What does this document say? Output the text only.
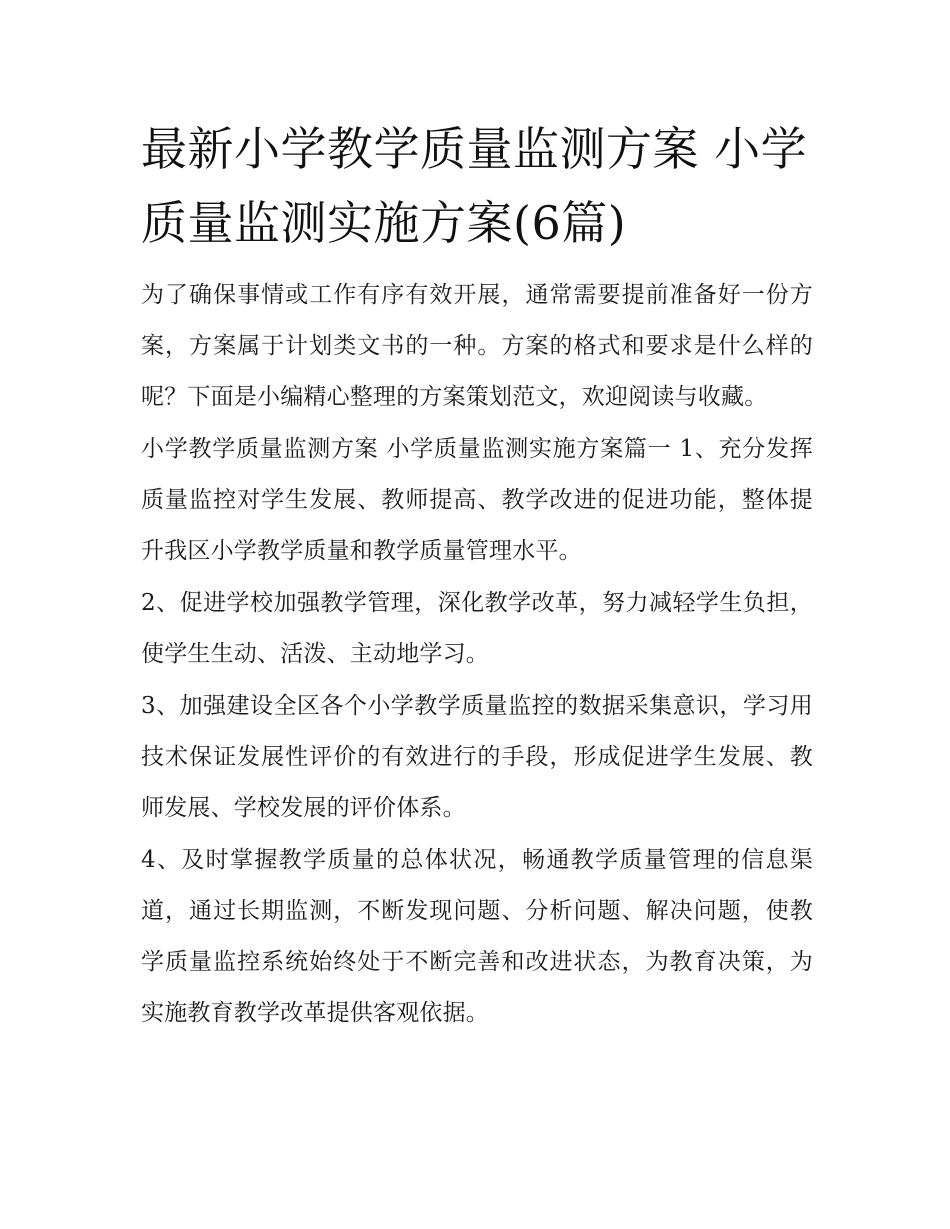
最新小学教学质量监测方案 小学质量监测实施方案(6篇)

为了确保事情或工作有序有效开展，通常需要提前准备好一份方案，方案属于计划类文书的一种。方案的格式和要求是什么样的呢？下面是小编精心整理的方案策划范文，欢迎阅读与收藏。

小学教学质量监测方案 小学质量监测实施方案篇一 1、充分发挥质量监控对学生发展、教师提高、教学改进的促进功能，整体提升我区小学教学质量和教学质量管理水平。

2、促进学校加强教学管理，深化教学改革，努力减轻学生负担，使学生生动、活泼、主动地学习。

3、加强建设全区各个小学教学质量监控的数据采集意识，学习用技术保证发展性评价的有效进行的手段，形成促进学生发展、教师发展、学校发展的评价体系。

4、及时掌握教学质量的总体状况，畅通教学质量管理的信息渠道，通过长期监测，不断发现问题、分析问题、解决问题，使教学质量监控系统始终处于不断完善和改进状态，为教育决策，为实施教育教学改革提供客观依据。
